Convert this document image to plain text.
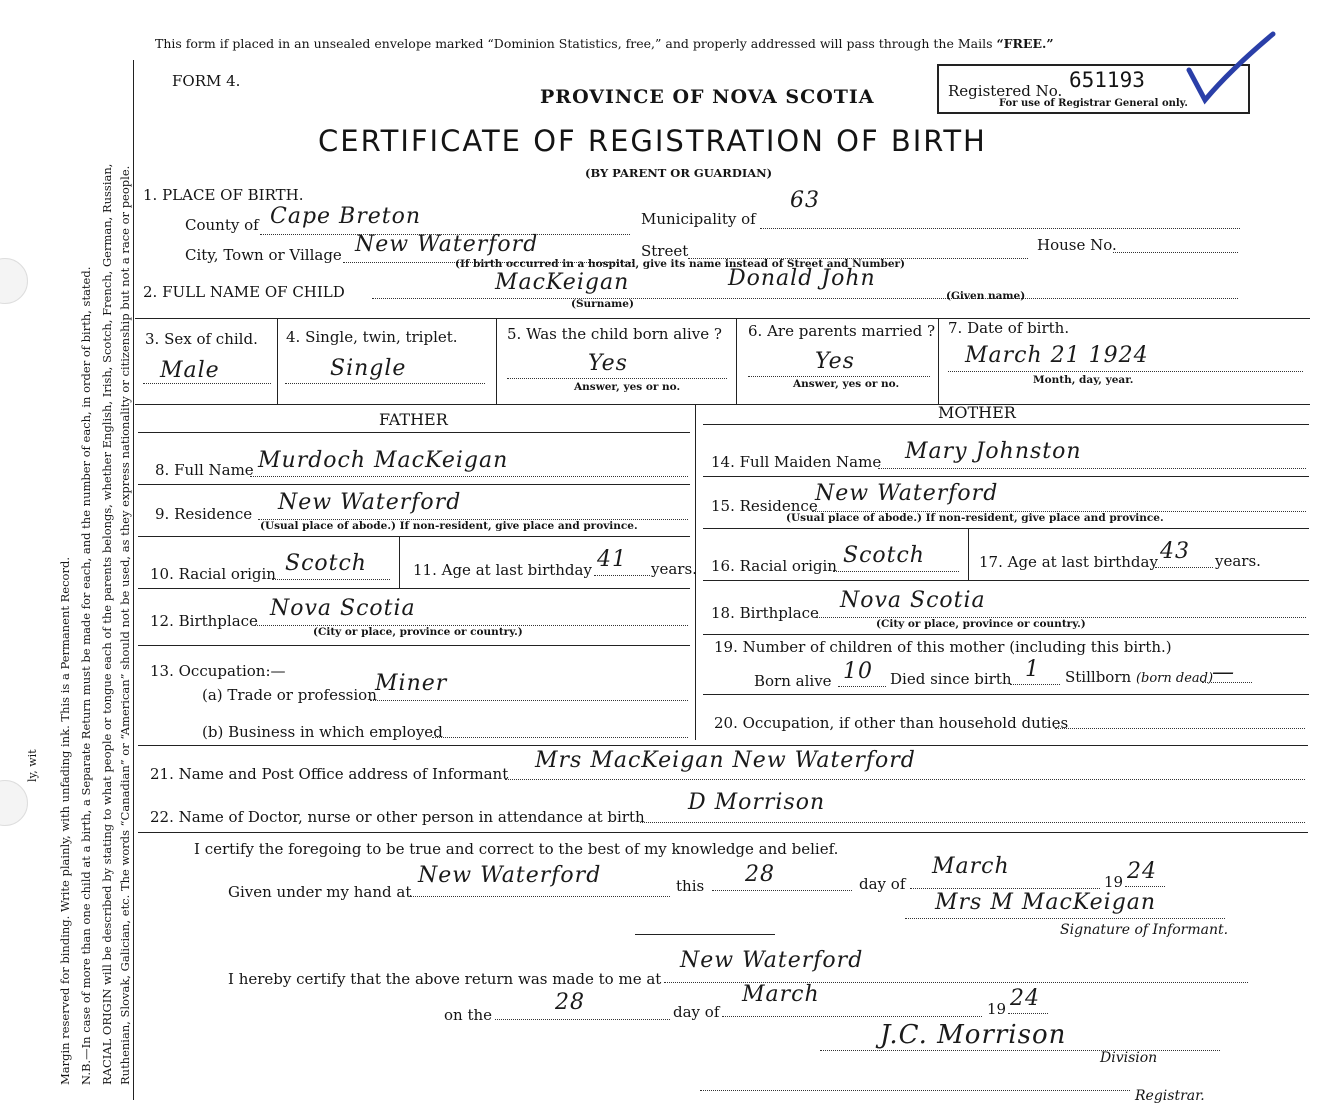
Margin reserved for binding. Write plainly, with unfading ink. This is a Permanent Record. N.B.—In case of more than one child at a birth, a Separate Return must be made for each, and the number of each, in order of birth, stated. RACIAL ORIGIN will be described by stating to what people or tongue each of the parents belongs, whether English, Irish, Scotch, French, German, Russian, Ruthenian, Slovak, Galician, etc. The words “Canadian” or “American” should not be used, as they express nationality or citizenship but not a race or people.
ly, wit
This form if placed in an unsealed envelope marked “Dominion Statistics, free,” and properly addressed will pass through the Mails “FREE.”
FORM 4.
PROVINCE OF NOVA SCOTIA
CERTIFICATE OF REGISTRATION OF BIRTH
(BY PARENT OR GUARDIAN)
Registered No. 651193
For use of Registrar General only.
1. PLACE OF BIRTH.
County of Cape Breton	Municipality of
63
City, Town or Village New Waterford	Street	House No.
(If birth occurred in a hospital, give its name instead of Street and Number)
2. FULL NAME OF CHILD	MacKeigan	Donald John
(Surname)
(Given name)
3. Sex of child.
Male
4. Single, twin, triplet.
Single
5. Was the child born alive ?
Yes
Answer, yes or no.
6. Are parents married ?
Yes
Answer, yes or no.
7. Date of birth.
March 21 1924
Month, day, year.
FATHER	MOTHER
8. Full Name Murdoch MacKeigan
9. Residence New Waterford
(Usual place of abode.) If non-resident, give place and province.
10. Racial origin Scotch	11. Age at last birthday 41 years.
12. Birthplace Nova Scotia
(City or place, province or country.)
13. Occupation:—
(a) Trade or profession
Miner
(b) Business in which employed
14. Full Maiden Name Mary Johnston
15. Residence
New Waterford
(Usual place of abode.) If non-resident, give place and province.
16. Racial origin Scotch	17. Age at last birthday 43 years.
18. Birthplace Nova Scotia
(City or place, province or country.)
19. Number of children of this mother (including this birth.)
Born alive 10 Died since birth 1 Stillborn (born dead)
—
20. Occupation, if other than household duties
21. Name and Post Office address of Informant
Mrs MacKeigan New Waterford
22. Name of Doctor, nurse or other person in attendance at birth
D Morrison
I certify the foregoing to be true and correct to the best of my knowledge and belief.
Given under my hand at
New Waterford	this 28	day of
March
19 24
Mrs M MacKeigan
Signature of Informant.
I hereby certify that the above return was made to me at
New Waterford
on the	28	day of
March
19 24
J.C. Morrison
Division
Registrar.
